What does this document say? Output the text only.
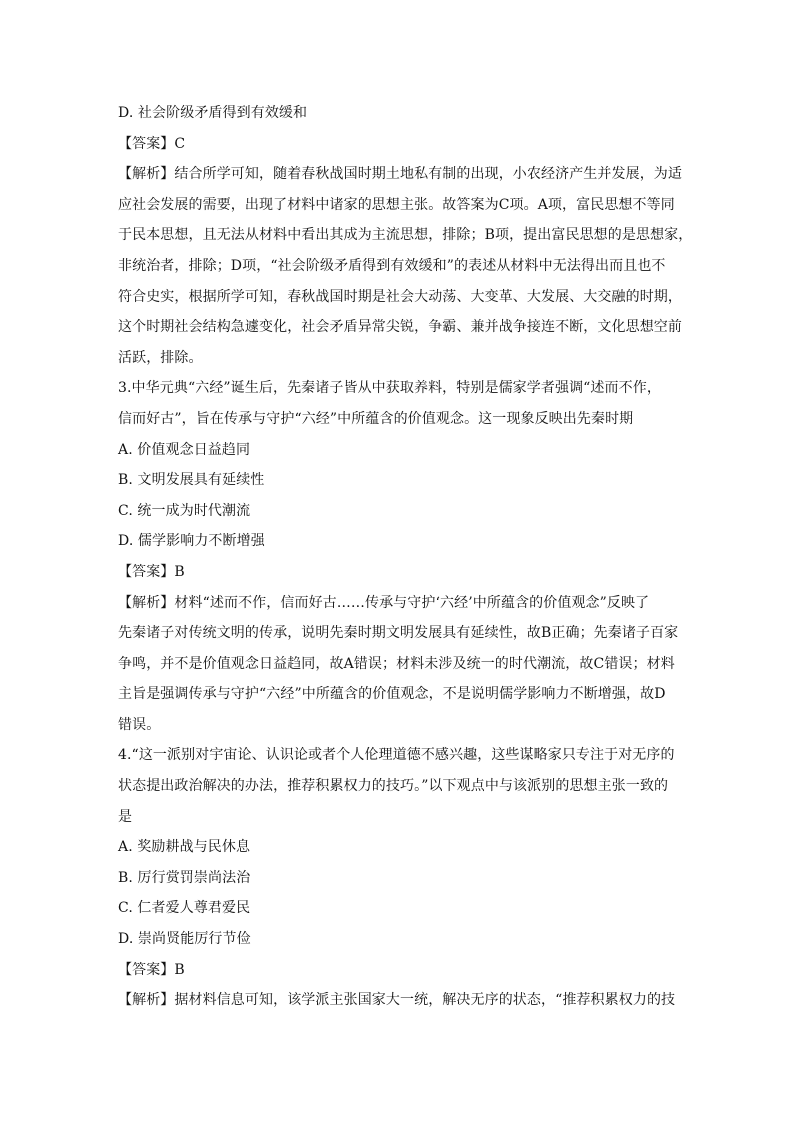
D. 社会阶级矛盾得到有效缓和
【答案】C
【解析】结合所学可知，随着春秋战国时期土地私有制的出现，小农经济产生并发展，为适
应社会发展的需要，出现了材料中诸家的思想主张。故答案为C项。A项，富民思想不等同
于民本思想，且无法从材料中看出其成为主流思想，排除；B项，提出富民思想的是思想家，
非统治者，排除；D项，“社会阶级矛盾得到有效缓和”的表述从材料中无法得出而且也不
符合史实，根据所学可知，春秋战国时期是社会大动荡、大变革、大发展、大交融的时期，
这个时期社会结构急遽变化，社会矛盾异常尖锐，争霸、兼并战争接连不断，文化思想空前
活跃，排除。
3.中华元典“六经”诞生后，先秦诸子皆从中获取养料，特别是儒家学者强调“述而不作，
信而好古”，旨在传承与守护“六经”中所蕴含的价值观念。这一现象反映出先秦时期
A. 价值观念日益趋同
B. 文明发展具有延续性
C. 统一成为时代潮流
D. 儒学影响力不断增强
【答案】B
【解析】材料“述而不作，信而好古……传承与守护‘六经’中所蕴含的价值观念”反映了
先秦诸子对传统文明的传承，说明先秦时期文明发展具有延续性，故B正确；先秦诸子百家
争鸣，并不是价值观念日益趋同，故A错误；材料未涉及统一的时代潮流，故C错误；材料
主旨是强调传承与守护“六经”中所蕴含的价值观念，不是说明儒学影响力不断增强，故D
错误。
4.“这一派别对宇宙论、认识论或者个人伦理道德不感兴趣，这些谋略家只专注于对无序的
状态提出政治解决的办法，推荐积累权力的技巧。”以下观点中与该派别的思想主张一致的
是
A. 奖励耕战与民休息
B. 厉行赏罚崇尚法治
C. 仁者爱人尊君爱民
D. 崇尚贤能厉行节俭
【答案】B
【解析】据材料信息可知，该学派主张国家大一统，解决无序的状态，“推荐积累权力的技
